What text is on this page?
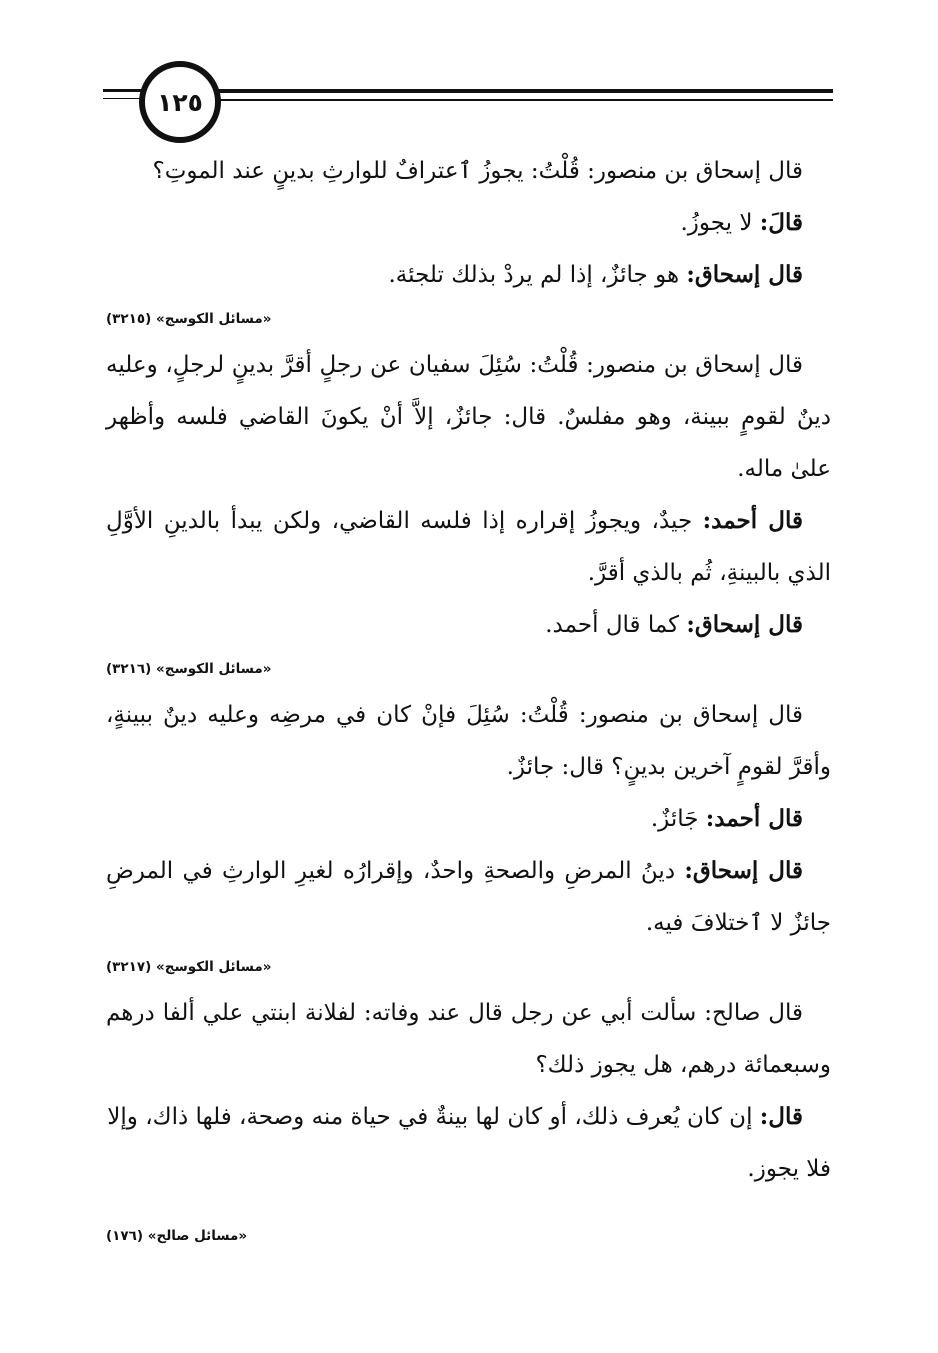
١٢٥

قال إسحاق بن منصور: قُلْتُ: يجوزُ ٱعترافٌ للوارثِ بدينٍ عند الموتِ؟

قالَ: لا يجوزُ.

قال إسحاق: هو جائزٌ، إذا لم يردْ بذلك تلجئة.

«مسائل الكوسج» (٣٢١٥)

قال إسحاق بن منصور: قُلْتُ: سُئِلَ سفيان عن رجلٍ أقرَّ بدينٍ لرجلٍ، وعليه دينٌ لقومٍ ببينة، وهو مفلسٌ. قال: جائزٌ، إلاَّ أنْ يكونَ القاضي فلسه وأظهر علىٰ ماله.

قال أحمد: جيدٌ، ويجوزُ إقراره إذا فلسه القاضي، ولكن يبدأ بالدينِ الأوَّلِ الذي بالبينةِ، ثُم بالذي أقرَّ.

قال إسحاق: كما قال أحمد.

«مسائل الكوسج» (٣٢١٦)

قال إسحاق بن منصور: قُلْتُ: سُئِلَ فإنْ كان في مرضِه وعليه دينٌ ببينةٍ، وأقرَّ لقومٍ آخرين بدينٍ؟ قال: جائزٌ.

قال أحمد: جَائزٌ.

قال إسحاق: دينُ المرضِ والصحةِ واحدٌ، وإقرارُه لغيرِ الوارثِ في المرضِ جائزٌ لا ٱختلافَ فيه.

«مسائل الكوسج» (٣٢١٧)

قال صالح: سألت أبي عن رجل قال عند وفاته: لفلانة ابنتي علي ألفا درهم وسبعمائة درهم، هل يجوز ذلك؟

قال: إن كان يُعرف ذلك، أو كان لها بينةٌ في حياة منه وصحة، فلها ذاك، وإلا فلا يجوز.

«مسائل صالح» (١٧٦)
